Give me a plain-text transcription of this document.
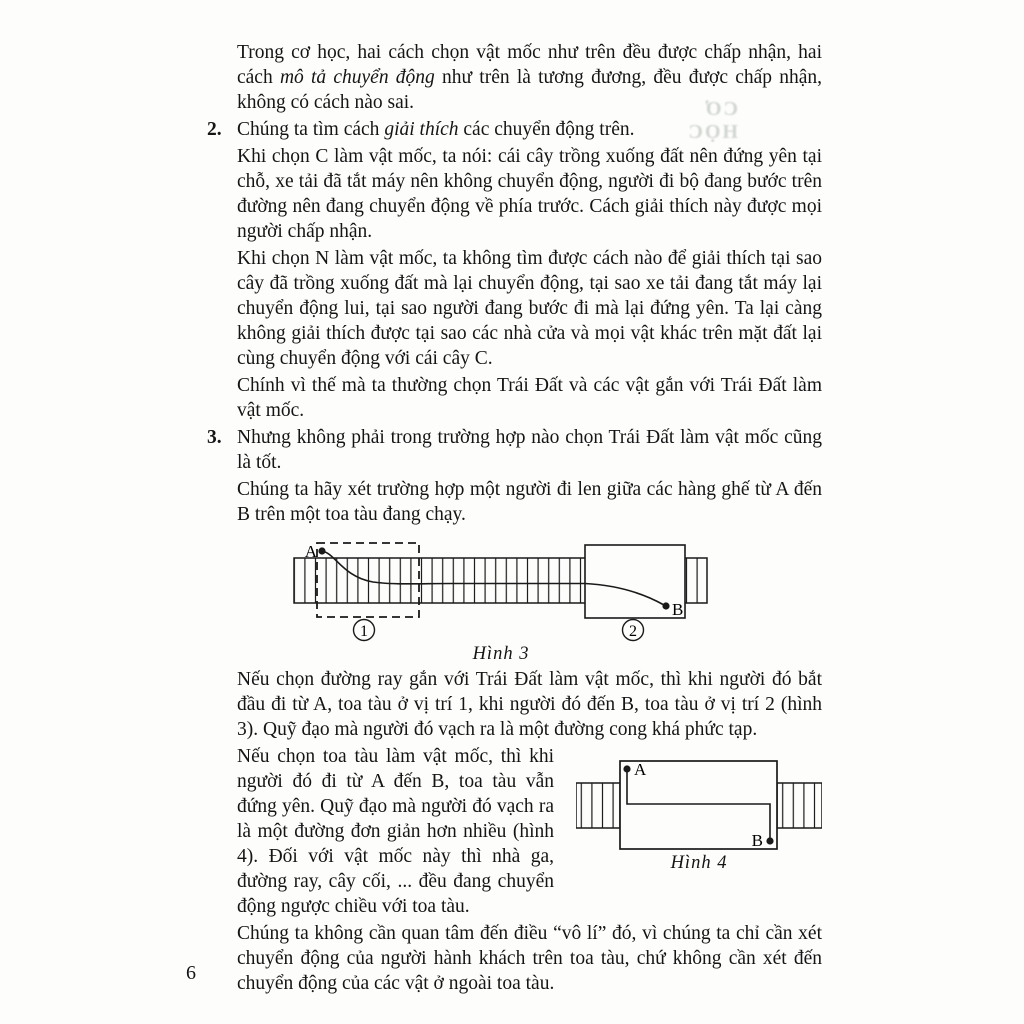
CƠ HỌC

Trong cơ học, hai cách chọn vật mốc như trên đều được chấp nhận, hai cách mô tả chuyển động như trên là tương đương, đều được chấp nhận, không có cách nào sai.

2. Chúng ta tìm cách giải thích các chuyển động trên.

Khi chọn C làm vật mốc, ta nói: cái cây trồng xuống đất nên đứng yên tại chỗ, xe tải đã tắt máy nên không chuyển động, người đi bộ đang bước trên đường nên đang chuyển động về phía trước. Cách giải thích này được mọi người chấp nhận.

Khi chọn N làm vật mốc, ta không tìm được cách nào để giải thích tại sao cây đã trồng xuống đất mà lại chuyển động, tại sao xe tải đang tắt máy lại chuyển động lui, tại sao người đang bước đi mà lại đứng yên. Ta lại càng không giải thích được tại sao các nhà cửa và mọi vật khác trên mặt đất lại cùng chuyển động với cái cây C.

Chính vì thế mà ta thường chọn Trái Đất và các vật gắn với Trái Đất làm vật mốc.

3. Nhưng không phải trong trường hợp nào chọn Trái Đất làm vật mốc cũng là tốt.

Chúng ta hãy xét trường hợp một người đi len giữa các hàng ghế từ A đến B trên một toa tàu đang chạy.

A
B
1	2
Hình 3

Nếu chọn đường ray gắn với Trái Đất làm vật mốc, thì khi người đó bắt đầu đi từ A, toa tàu ở vị trí 1, khi người đó đến B, toa tàu ở vị trí 2 (hình 3). Quỹ đạo mà người đó vạch ra là một đường cong khá phức tạp.

A
B
Hình 4

Nếu chọn toa tàu làm vật mốc, thì khi người đó đi từ A đến B, toa tàu vẫn đứng yên. Quỹ đạo mà người đó vạch ra là một đường đơn giản hơn nhiều (hình 4). Đối với vật mốc này thì nhà ga, đường ray, cây cối, ... đều đang chuyển động ngược chiều với toa tàu.

Chúng ta không cần quan tâm đến điều “vô lí” đó, vì chúng ta chỉ cần xét chuyển động của người hành khách trên toa tàu, chứ không cần xét đến chuyển động của các vật ở ngoài toa tàu.

6
